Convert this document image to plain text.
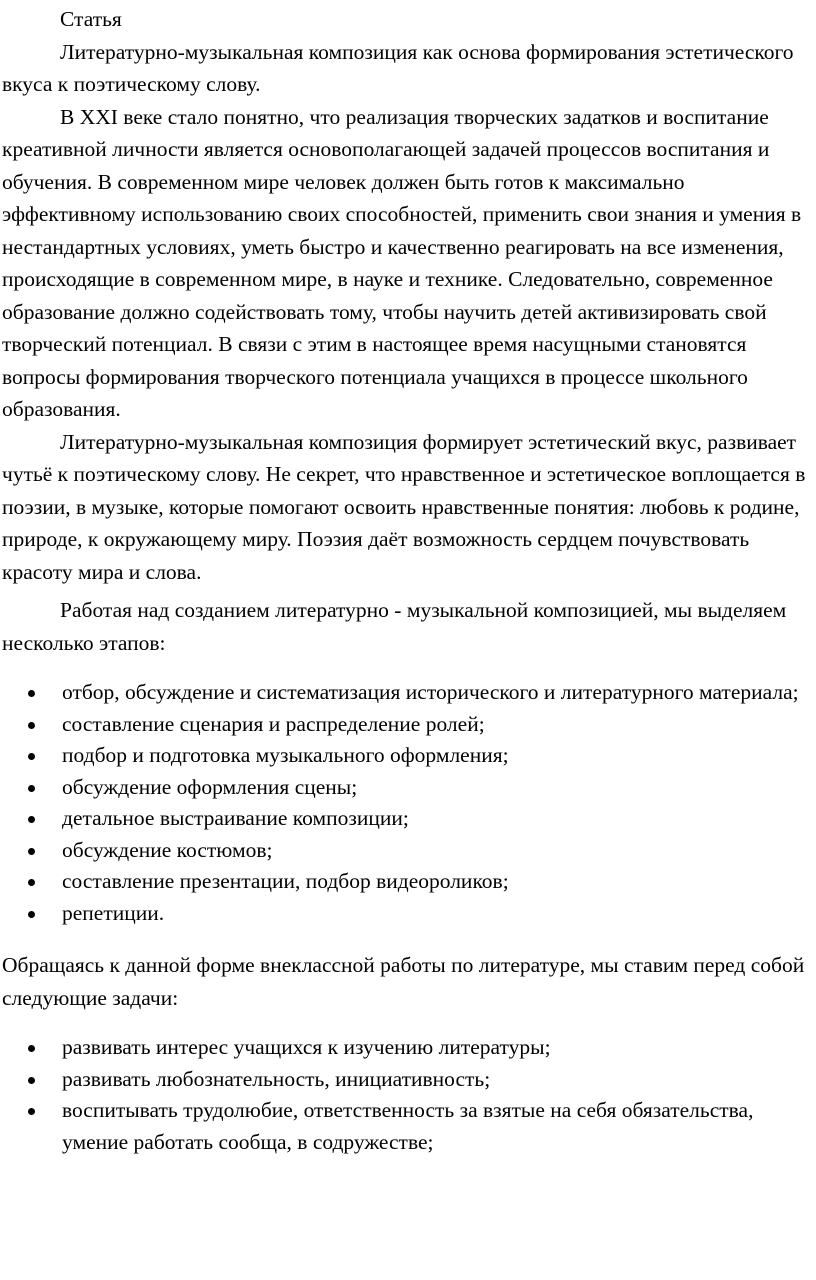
Статья

Литературно-музыкальная композиция как основа формирования эстетического вкуса к поэтическому слову.

В XXI веке стало понятно, что реализация творческих задатков и воспитание креативной личности является основополагающей задачей процессов воспитания и обучения. В современном мире человек должен быть готов к максимально эффективному использованию своих способностей, применить свои знания и умения в нестандартных условиях, уметь быстро и качественно реагировать на все изменения, происходящие в современном мире, в науке и технике. Следовательно, современное образование должно содействовать тому, чтобы научить детей активизировать свой творческий потенциал. В связи с этим в настоящее время насущными становятся вопросы формирования творческого потенциала учащихся в процессе школьного образования.

Литературно-музыкальная композиция формирует эстетический вкус, развивает чутьё к поэтическому слову. Не секрет, что нравственное и эстетическое воплощается в поэзии, в музыке, которые помогают освоить нравственные понятия: любовь к родине, природе, к окружающему миру. Поэзия даёт возможность сердцем почувствовать красоту мира и слова.

Работая над созданием литературно - музыкальной композицией, мы выделяем несколько этапов:

отбор, обсуждение и систематизация исторического и литературного материала;
составление сценария и распределение ролей;
подбор и подготовка музыкального оформления;
обсуждение оформления сцены;
детальное выстраивание композиции;
обсуждение костюмов;
составление презентации, подбор видеороликов;
репетиции.

Обращаясь к данной форме внеклассной работы по литературе, мы ставим перед собой следующие задачи:

развивать интерес учащихся к изучению литературы;
развивать любознательность, инициативность;
воспитывать трудолюбие, ответственность за взятые на себя обязательства, умение работать сообща, в содружестве;
